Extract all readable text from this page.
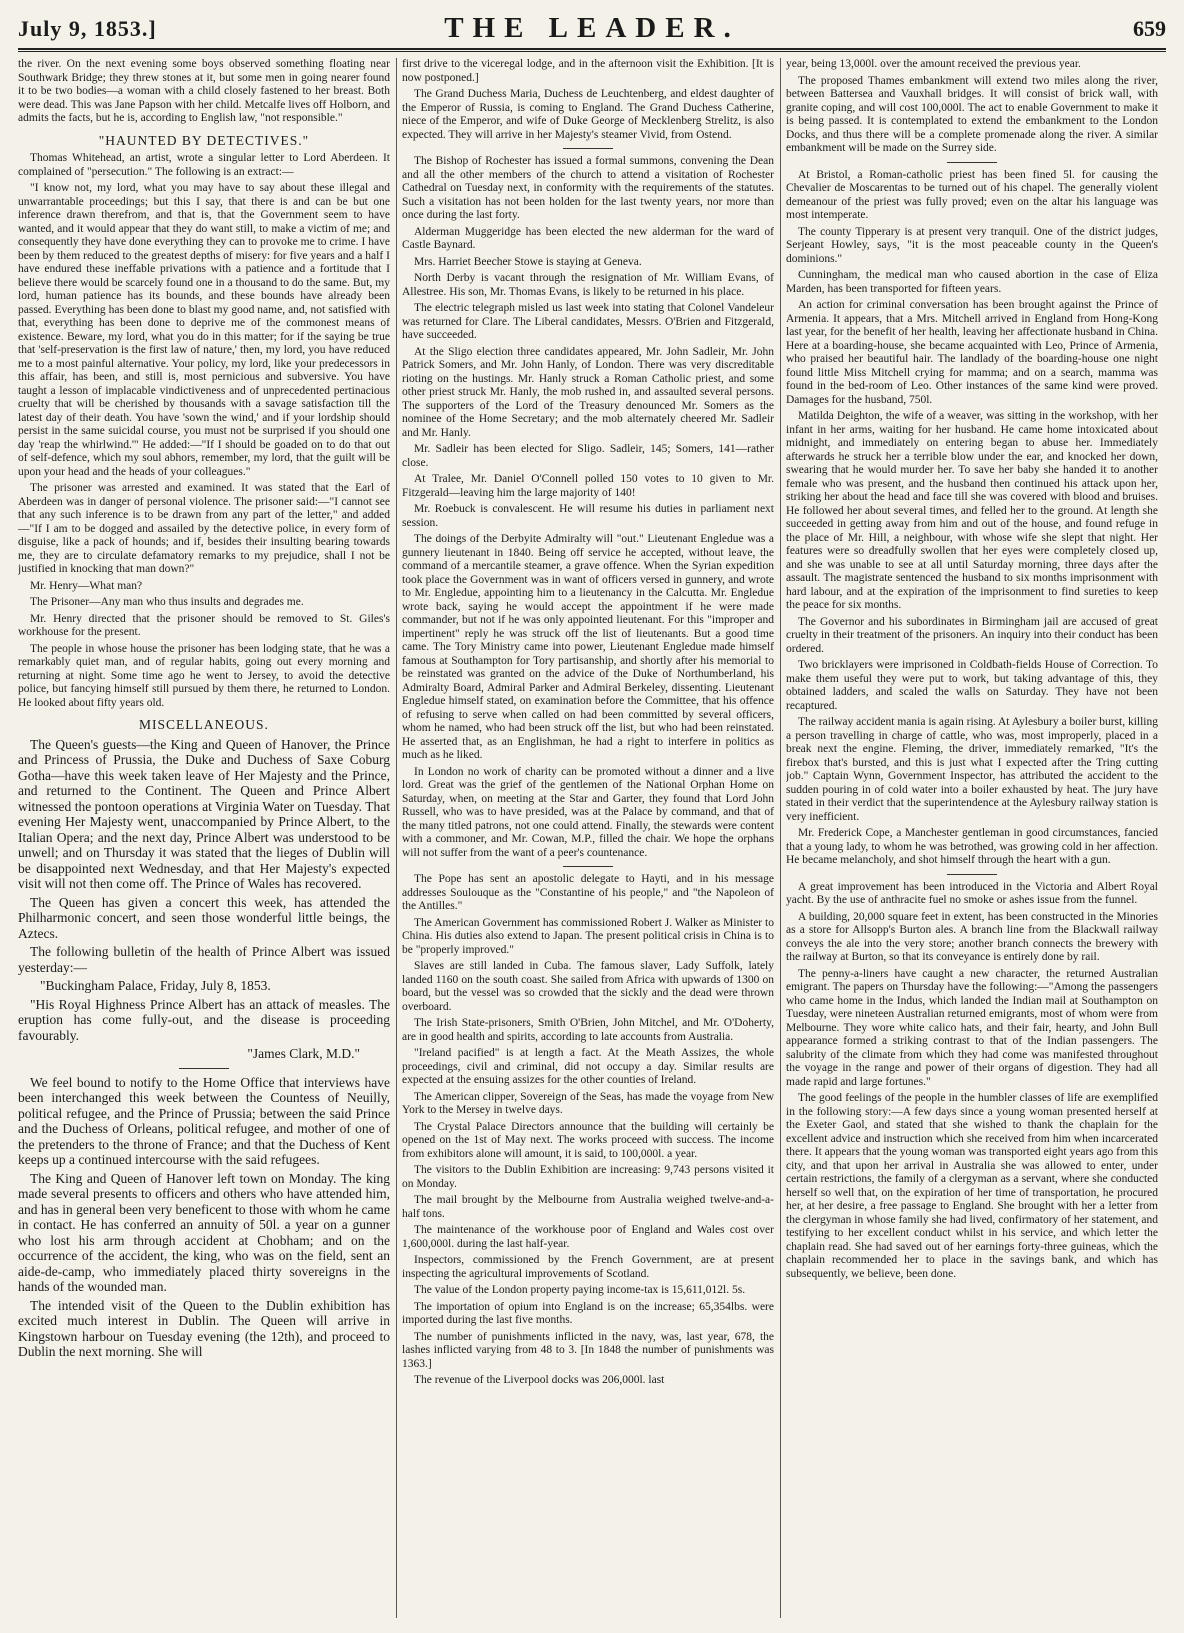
July 9, 1853.]	THE LEADER.	659

the river. On the next evening some boys observed something floating near Southwark Bridge; they threw stones at it, but some men in going nearer found it to be two bodies—a woman with a child closely fastened to her breast. Both were dead. This was Jane Papson with her child. Metcalfe lives off Holborn, and admits the facts, but he is, according to English law, "not responsible."

"HAUNTED BY DETECTIVES."

Thomas Whitehead, an artist, wrote a singular letter to Lord Aberdeen. It complained of "persecution." The following is an extract:—

"I know not, my lord, what you may have to say about these illegal and unwarrantable proceedings; but this I say, that there is and can be but one inference drawn therefrom, and that is, that the Government seem to have wanted, and it would appear that they do want still, to make a victim of me; and consequently they have done everything they can to provoke me to crime. I have been by them reduced to the greatest depths of misery: for five years and a half I have endured these ineffable privations with a patience and a fortitude that I believe there would be scarcely found one in a thousand to do the same. But, my lord, human patience has its bounds, and these bounds have already been passed. Everything has been done to blast my good name, and, not satisfied with that, everything has been done to deprive me of the commonest means of existence. Beware, my lord, what you do in this matter; for if the saying be true that 'self-preservation is the first law of nature,' then, my lord, you have reduced me to a most painful alternative. Your policy, my lord, like your predecessors in this affair, has been, and still is, most pernicious and subversive. You have taught a lesson of implacable vindictiveness and of unprecedented pertinacious cruelty that will be cherished by thousands with a savage satisfaction till the latest day of their death. You have 'sown the wind,' and if your lordship should persist in the same suicidal course, you must not be surprised if you should one day 'reap the whirlwind.'" He added:—"If I should be goaded on to do that out of self-defence, which my soul abhors, remember, my lord, that the guilt will be upon your head and the heads of your colleagues."

The prisoner was arrested and examined. It was stated that the Earl of Aberdeen was in danger of personal violence. The prisoner said:—"I cannot see that any such inference is to be drawn from any part of the letter," and added—"If I am to be dogged and assailed by the detective police, in every form of disguise, like a pack of hounds; and if, besides their insulting bearing towards me, they are to circulate defamatory remarks to my prejudice, shall I not be justified in knocking that man down?"

Mr. Henry—What man?

The Prisoner—Any man who thus insults and degrades me.

Mr. Henry directed that the prisoner should be removed to St. Giles's workhouse for the present.

The people in whose house the prisoner has been lodging state, that he was a remarkably quiet man, and of regular habits, going out every morning and returning at night. Some time ago he went to Jersey, to avoid the detective police, but fancying himself still pursued by them there, he returned to London. He looked about fifty years old.

MISCELLANEOUS.

The Queen's guests—the King and Queen of Hanover, the Prince and Princess of Prussia, the Duke and Duchess of Saxe Coburg Gotha—have this week taken leave of Her Majesty and the Prince, and returned to the Continent. The Queen and Prince Albert witnessed the pontoon operations at Virginia Water on Tuesday. That evening Her Majesty went, unaccompanied by Prince Albert, to the Italian Opera; and the next day, Prince Albert was understood to be unwell; and on Thursday it was stated that the lieges of Dublin will be disappointed next Wednesday, and that Her Majesty's expected visit will not then come off. The Prince of Wales has recovered.

The Queen has given a concert this week, has attended the Philharmonic concert, and seen those wonderful little beings, the Aztecs.

The following bulletin of the health of Prince Albert was issued yesterday:—

"Buckingham Palace, Friday, July 8, 1853.

"His Royal Highness Prince Albert has an attack of measles. The eruption has come fully-out, and the disease is proceeding favourably.

"James Clark, M.D."

We feel bound to notify to the Home Office that interviews have been interchanged this week between the Countess of Neuilly, political refugee, and the Prince of Prussia; between the said Prince and the Duchess of Orleans, political refugee, and mother of one of the pretenders to the throne of France; and that the Duchess of Kent keeps up a continued intercourse with the said refugees.

The King and Queen of Hanover left town on Monday. The king made several presents to officers and others who have attended him, and has in general been very beneficent to those with whom he came in contact. He has conferred an annuity of 50l. a year on a gunner who lost his arm through accident at Chobham; and on the occurrence of the accident, the king, who was on the field, sent an aide-de-camp, who immediately placed thirty sovereigns in the hands of the wounded man.

The intended visit of the Queen to the Dublin exhibition has excited much interest in Dublin. The Queen will arrive in Kingstown harbour on Tuesday evening (the 12th), and proceed to Dublin the next morning. She will

first drive to the viceregal lodge, and in the afternoon visit the Exhibition. [It is now postponed.]

The Grand Duchess Maria, Duchess de Leuchtenberg, and eldest daughter of the Emperor of Russia, is coming to England. The Grand Duchess Catherine, niece of the Emperor, and wife of Duke George of Mecklenberg Strelitz, is also expected. They will arrive in her Majesty's steamer Vivid, from Ostend.

The Bishop of Rochester has issued a formal summons, convening the Dean and all the other members of the church to attend a visitation of Rochester Cathedral on Tuesday next, in conformity with the requirements of the statutes. Such a visitation has not been holden for the last twenty years, nor more than once during the last forty.

Alderman Muggeridge has been elected the new alderman for the ward of Castle Baynard.

Mrs. Harriet Beecher Stowe is staying at Geneva.

North Derby is vacant through the resignation of Mr. William Evans, of Allestree. His son, Mr. Thomas Evans, is likely to be returned in his place.

The electric telegraph misled us last week into stating that Colonel Vandeleur was returned for Clare. The Liberal candidates, Messrs. O'Brien and Fitzgerald, have succeeded.

At the Sligo election three candidates appeared, Mr. John Sadleir, Mr. John Patrick Somers, and Mr. John Hanly, of London. There was very discreditable rioting on the hustings. Mr. Hanly struck a Roman Catholic priest, and some other priest struck Mr. Hanly, the mob rushed in, and assaulted several persons. The supporters of the Lord of the Treasury denounced Mr. Somers as the nominee of the Home Secretary; and the mob alternately cheered Mr. Sadleir and Mr. Hanly.

Mr. Sadleir has been elected for Sligo. Sadleir, 145; Somers, 141—rather close.

At Tralee, Mr. Daniel O'Connell polled 150 votes to 10 given to Mr. Fitzgerald—leaving him the large majority of 140!

Mr. Roebuck is convalescent. He will resume his duties in parliament next session.

The doings of the Derbyite Admiralty will "out." Lieutenant Engledue was a gunnery lieutenant in 1840. Being off service he accepted, without leave, the command of a mercantile steamer, a grave offence. When the Syrian expedition took place the Government was in want of officers versed in gunnery, and wrote to Mr. Engledue, appointing him to a lieutenancy in the Calcutta. Mr. Engledue wrote back, saying he would accept the appointment if he were made commander, but not if he was only appointed lieutenant. For this "improper and impertinent" reply he was struck off the list of lieutenants. But a good time came. The Tory Ministry came into power, Lieutenant Engledue made himself famous at Southampton for Tory partisanship, and shortly after his memorial to be reinstated was granted on the advice of the Duke of Northumberland, his Admiralty Board, Admiral Parker and Admiral Berkeley, dissenting. Lieutenant Engledue himself stated, on examination before the Committee, that his offence of refusing to serve when called on had been committed by several officers, whom he named, who had been struck off the list, but who had been reinstated. He asserted that, as an Englishman, he had a right to interfere in politics as much as he liked.

In London no work of charity can be promoted without a dinner and a live lord. Great was the grief of the gentlemen of the National Orphan Home on Saturday, when, on meeting at the Star and Garter, they found that Lord John Russell, who was to have presided, was at the Palace by command, and that of the many titled patrons, not one could attend. Finally, the stewards were content with a commoner, and Mr. Cowan, M.P., filled the chair. We hope the orphans will not suffer from the want of a peer's countenance.

The Pope has sent an apostolic delegate to Hayti, and in his message addresses Soulouque as the "Constantine of his people," and "the Napoleon of the Antilles."

The American Government has commissioned Robert J. Walker as Minister to China. His duties also extend to Japan. The present political crisis in China is to be "properly improved."

Slaves are still landed in Cuba. The famous slaver, Lady Suffolk, lately landed 1160 on the south coast. She sailed from Africa with upwards of 1300 on board, but the vessel was so crowded that the sickly and the dead were thrown overboard.

The Irish State-prisoners, Smith O'Brien, John Mitchel, and Mr. O'Doherty, are in good health and spirits, according to late accounts from Australia.

"Ireland pacified" is at length a fact. At the Meath Assizes, the whole proceedings, civil and criminal, did not occupy a day. Similar results are expected at the ensuing assizes for the other counties of Ireland.

The American clipper, Sovereign of the Seas, has made the voyage from New York to the Mersey in twelve days.

The Crystal Palace Directors announce that the building will certainly be opened on the 1st of May next. The works proceed with success. The income from exhibitors alone will amount, it is said, to 100,000l. a year.

The visitors to the Dublin Exhibition are increasing: 9,743 persons visited it on Monday.

The mail brought by the Melbourne from Australia weighed twelve-and-a-half tons.

The maintenance of the workhouse poor of England and Wales cost over 1,600,000l. during the last half-year.

Inspectors, commissioned by the French Government, are at present inspecting the agricultural improvements of Scotland.

The value of the London property paying income-tax is 15,611,012l. 5s.

The importation of opium into England is on the increase; 65,354lbs. were imported during the last five months.

The number of punishments inflicted in the navy, was, last year, 678, the lashes inflicted varying from 48 to 3. [In 1848 the number of punishments was 1363.]

The revenue of the Liverpool docks was 206,000l. last

year, being 13,000l. over the amount received the previous year.

The proposed Thames embankment will extend two miles along the river, between Battersea and Vauxhall bridges. It will consist of brick wall, with granite coping, and will cost 100,000l. The act to enable Government to make it is being passed. It is contemplated to extend the embankment to the London Docks, and thus there will be a complete promenade along the river. A similar embankment will be made on the Surrey side.

At Bristol, a Roman-catholic priest has been fined 5l. for causing the Chevalier de Moscarentas to be turned out of his chapel. The generally violent demeanour of the priest was fully proved; even on the altar his language was most intemperate.

The county Tipperary is at present very tranquil. One of the district judges, Serjeant Howley, says, "it is the most peaceable county in the Queen's dominions."

Cunningham, the medical man who caused abortion in the case of Eliza Marden, has been transported for fifteen years.

An action for criminal conversation has been brought against the Prince of Armenia. It appears, that a Mrs. Mitchell arrived in England from Hong-Kong last year, for the benefit of her health, leaving her affectionate husband in China. Here at a boarding-house, she became acquainted with Leo, Prince of Armenia, who praised her beautiful hair. The landlady of the boarding-house one night found little Miss Mitchell crying for mamma; and on a search, mamma was found in the bed-room of Leo. Other instances of the same kind were proved. Damages for the husband, 750l.

Matilda Deighton, the wife of a weaver, was sitting in the workshop, with her infant in her arms, waiting for her husband. He came home intoxicated about midnight, and immediately on entering began to abuse her. Immediately afterwards he struck her a terrible blow under the ear, and knocked her down, swearing that he would murder her. To save her baby she handed it to another female who was present, and the husband then continued his attack upon her, striking her about the head and face till she was covered with blood and bruises. He followed her about several times, and felled her to the ground. At length she succeeded in getting away from him and out of the house, and found refuge in the place of Mr. Hill, a neighbour, with whose wife she slept that night. Her features were so dreadfully swollen that her eyes were completely closed up, and she was unable to see at all until Saturday morning, three days after the assault. The magistrate sentenced the husband to six months imprisonment with hard labour, and at the expiration of the imprisonment to find sureties to keep the peace for six months.

The Governor and his subordinates in Birmingham jail are accused of great cruelty in their treatment of the prisoners. An inquiry into their conduct has been ordered.

Two bricklayers were imprisoned in Coldbath-fields House of Correction. To make them useful they were put to work, but taking advantage of this, they obtained ladders, and scaled the walls on Saturday. They have not been recaptured.

The railway accident mania is again rising. At Aylesbury a boiler burst, killing a person travelling in charge of cattle, who was, most improperly, placed in a break next the engine. Fleming, the driver, immediately remarked, "It's the firebox that's bursted, and this is just what I expected after the Tring cutting job." Captain Wynn, Government Inspector, has attributed the accident to the sudden pouring in of cold water into a boiler exhausted by heat. The jury have stated in their verdict that the superintendence at the Aylesbury railway station is very inefficient.

Mr. Frederick Cope, a Manchester gentleman in good circumstances, fancied that a young lady, to whom he was betrothed, was growing cold in her affection. He became melancholy, and shot himself through the heart with a gun.

A great improvement has been introduced in the Victoria and Albert Royal yacht. By the use of anthracite fuel no smoke or ashes issue from the funnel.

A building, 20,000 square feet in extent, has been constructed in the Minories as a store for Allsopp's Burton ales. A branch line from the Blackwall railway conveys the ale into the very store; another branch connects the brewery with the railway at Burton, so that its conveyance is entirely done by rail.

The penny-a-liners have caught a new character, the returned Australian emigrant. The papers on Thursday have the following:—"Among the passengers who came home in the Indus, which landed the Indian mail at Southampton on Tuesday, were nineteen Australian returned emigrants, most of whom were from Melbourne. They wore white calico hats, and their fair, hearty, and John Bull appearance formed a striking contrast to that of the Indian passengers. The salubrity of the climate from which they had come was manifested throughout the voyage in the range and power of their organs of digestion. They had all made rapid and large fortunes."

The good feelings of the people in the humbler classes of life are exemplified in the following story:—A few days since a young woman presented herself at the Exeter Gaol, and stated that she wished to thank the chaplain for the excellent advice and instruction which she received from him when incarcerated there. It appears that the young woman was transported eight years ago from this city, and that upon her arrival in Australia she was allowed to enter, under certain restrictions, the family of a clergyman as a servant, where she conducted herself so well that, on the expiration of her time of transportation, he procured her, at her desire, a free passage to England. She brought with her a letter from the clergyman in whose family she had lived, confirmatory of her statement, and testifying to her excellent conduct whilst in his service, and which letter the chaplain read. She had saved out of her earnings forty-three guineas, which the chaplain recommended her to place in the savings bank, and which has subsequently, we believe, been done.
